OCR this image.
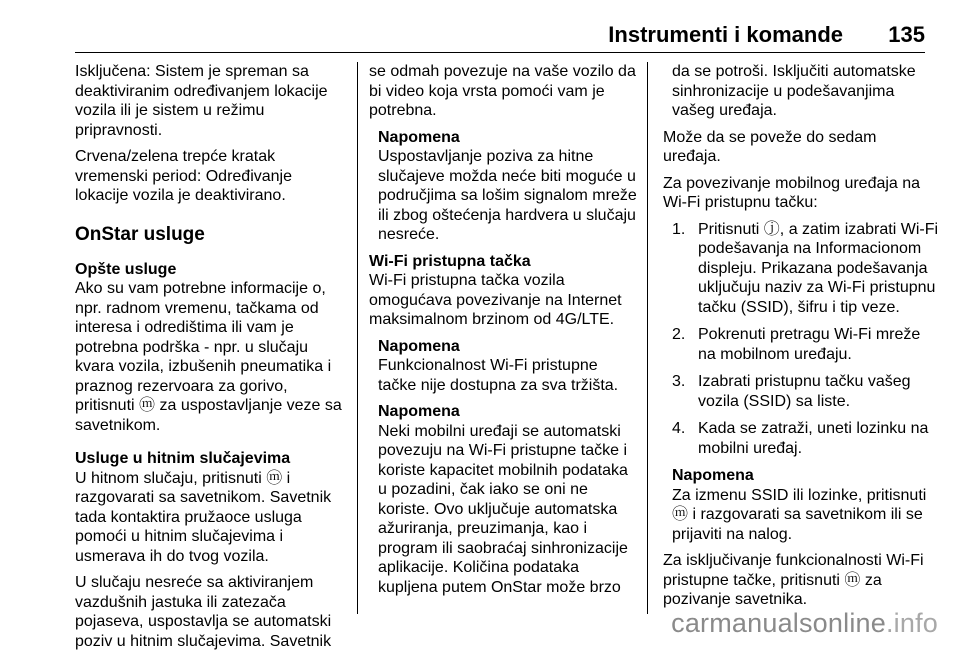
Instrumenti i komande 135

Isključena: Sistem je spreman sa
deaktiviranim određivanjem lokacije
vozila ili je sistem u režimu
pripravnosti.

Crvena/zelena trepće kratak
vremenski period: Određivanje
lokacije vozila je deaktivirano.

OnStar usluge

Opšte usluge
Ako su vam potrebne informacije o,
npr. radnom vremenu, tačkama od
interesa i odredištima ili vam je
potrebna podrška - npr. u slučaju
kvara vozila, izbušenih pneumatika i
praznog rezervoara za gorivo,
pritisnuti ⓜ za uspostavljanje veze sa
savetnikom.

Usluge u hitnim slučajevima
U hitnom slučaju, pritisnuti ⓜ i
razgovarati sa savetnikom. Savetnik
tada kontaktira pružaoce usluga
pomoći u hitnim slučajevima i
usmerava ih do tvog vozila.

U slučaju nesreće sa aktiviranjem
vazdušnih jastuka ili zatezača
pojaseva, uspostavlja se automatski
poziv u hitnim slučajevima. Savetnik

se odmah povezuje na vaše vozilo da
bi video koja vrsta pomoći vam je
potrebna.

Napomena
Uspostavljanje poziva za hitne
slučajeve možda neće biti moguće u
područjima sa lošim signalom mreže
ili zbog oštećenja hardvera u slučaju
nesreće.

Wi-Fi pristupna tačka
Wi-Fi pristupna tačka vozila
omogućava povezivanje na Internet
maksimalnom brzinom od 4G/LTE.

Napomena
Funkcionalnost Wi-Fi pristupne
tačke nije dostupna za sva tržišta.

Napomena
Neki mobilni uređaji se automatski
povezuju na Wi-Fi pristupne tačke i
koriste kapacitet mobilnih podataka
u pozadini, čak iako se oni ne
koriste. Ovo uključuje automatska
ažuriranja, preuzimanja, kao i
program ili saobraćaj sinhronizacije
aplikacije. Količina podataka
kupljena putem OnStar može brzo

da se potroši. Isključiti automatske
sinhronizacije u podešavanjima
vašeg uređaja.

Može da se poveže do sedam
uređaja.

Za povezivanje mobilnog uređaja na
Wi-Fi pristupnu tačku:

1. Pritisnuti ⓙ, a zatim izabrati Wi-Fi
podešavanja na Informacionom
displeju. Prikazana podešavanja
uključuju naziv za Wi-Fi pristupnu
tačku (SSID), šifru i tip veze.
2. Pokrenuti pretragu Wi-Fi mreže
na mobilnom uređaju.
3. Izabrati pristupnu tačku vašeg
vozila (SSID) sa liste.
4. Kada se zatraži, uneti lozinku na
mobilni uređaj.

Napomena
Za izmenu SSID ili lozinke, pritisnuti
ⓜ i razgovarati sa savetnikom ili se
prijaviti na nalog.

Za isključivanje funkcionalnosti Wi-Fi
pristupne tačke, pritisnuti ⓜ za
pozivanje savetnika.

carmanualsonline.info
